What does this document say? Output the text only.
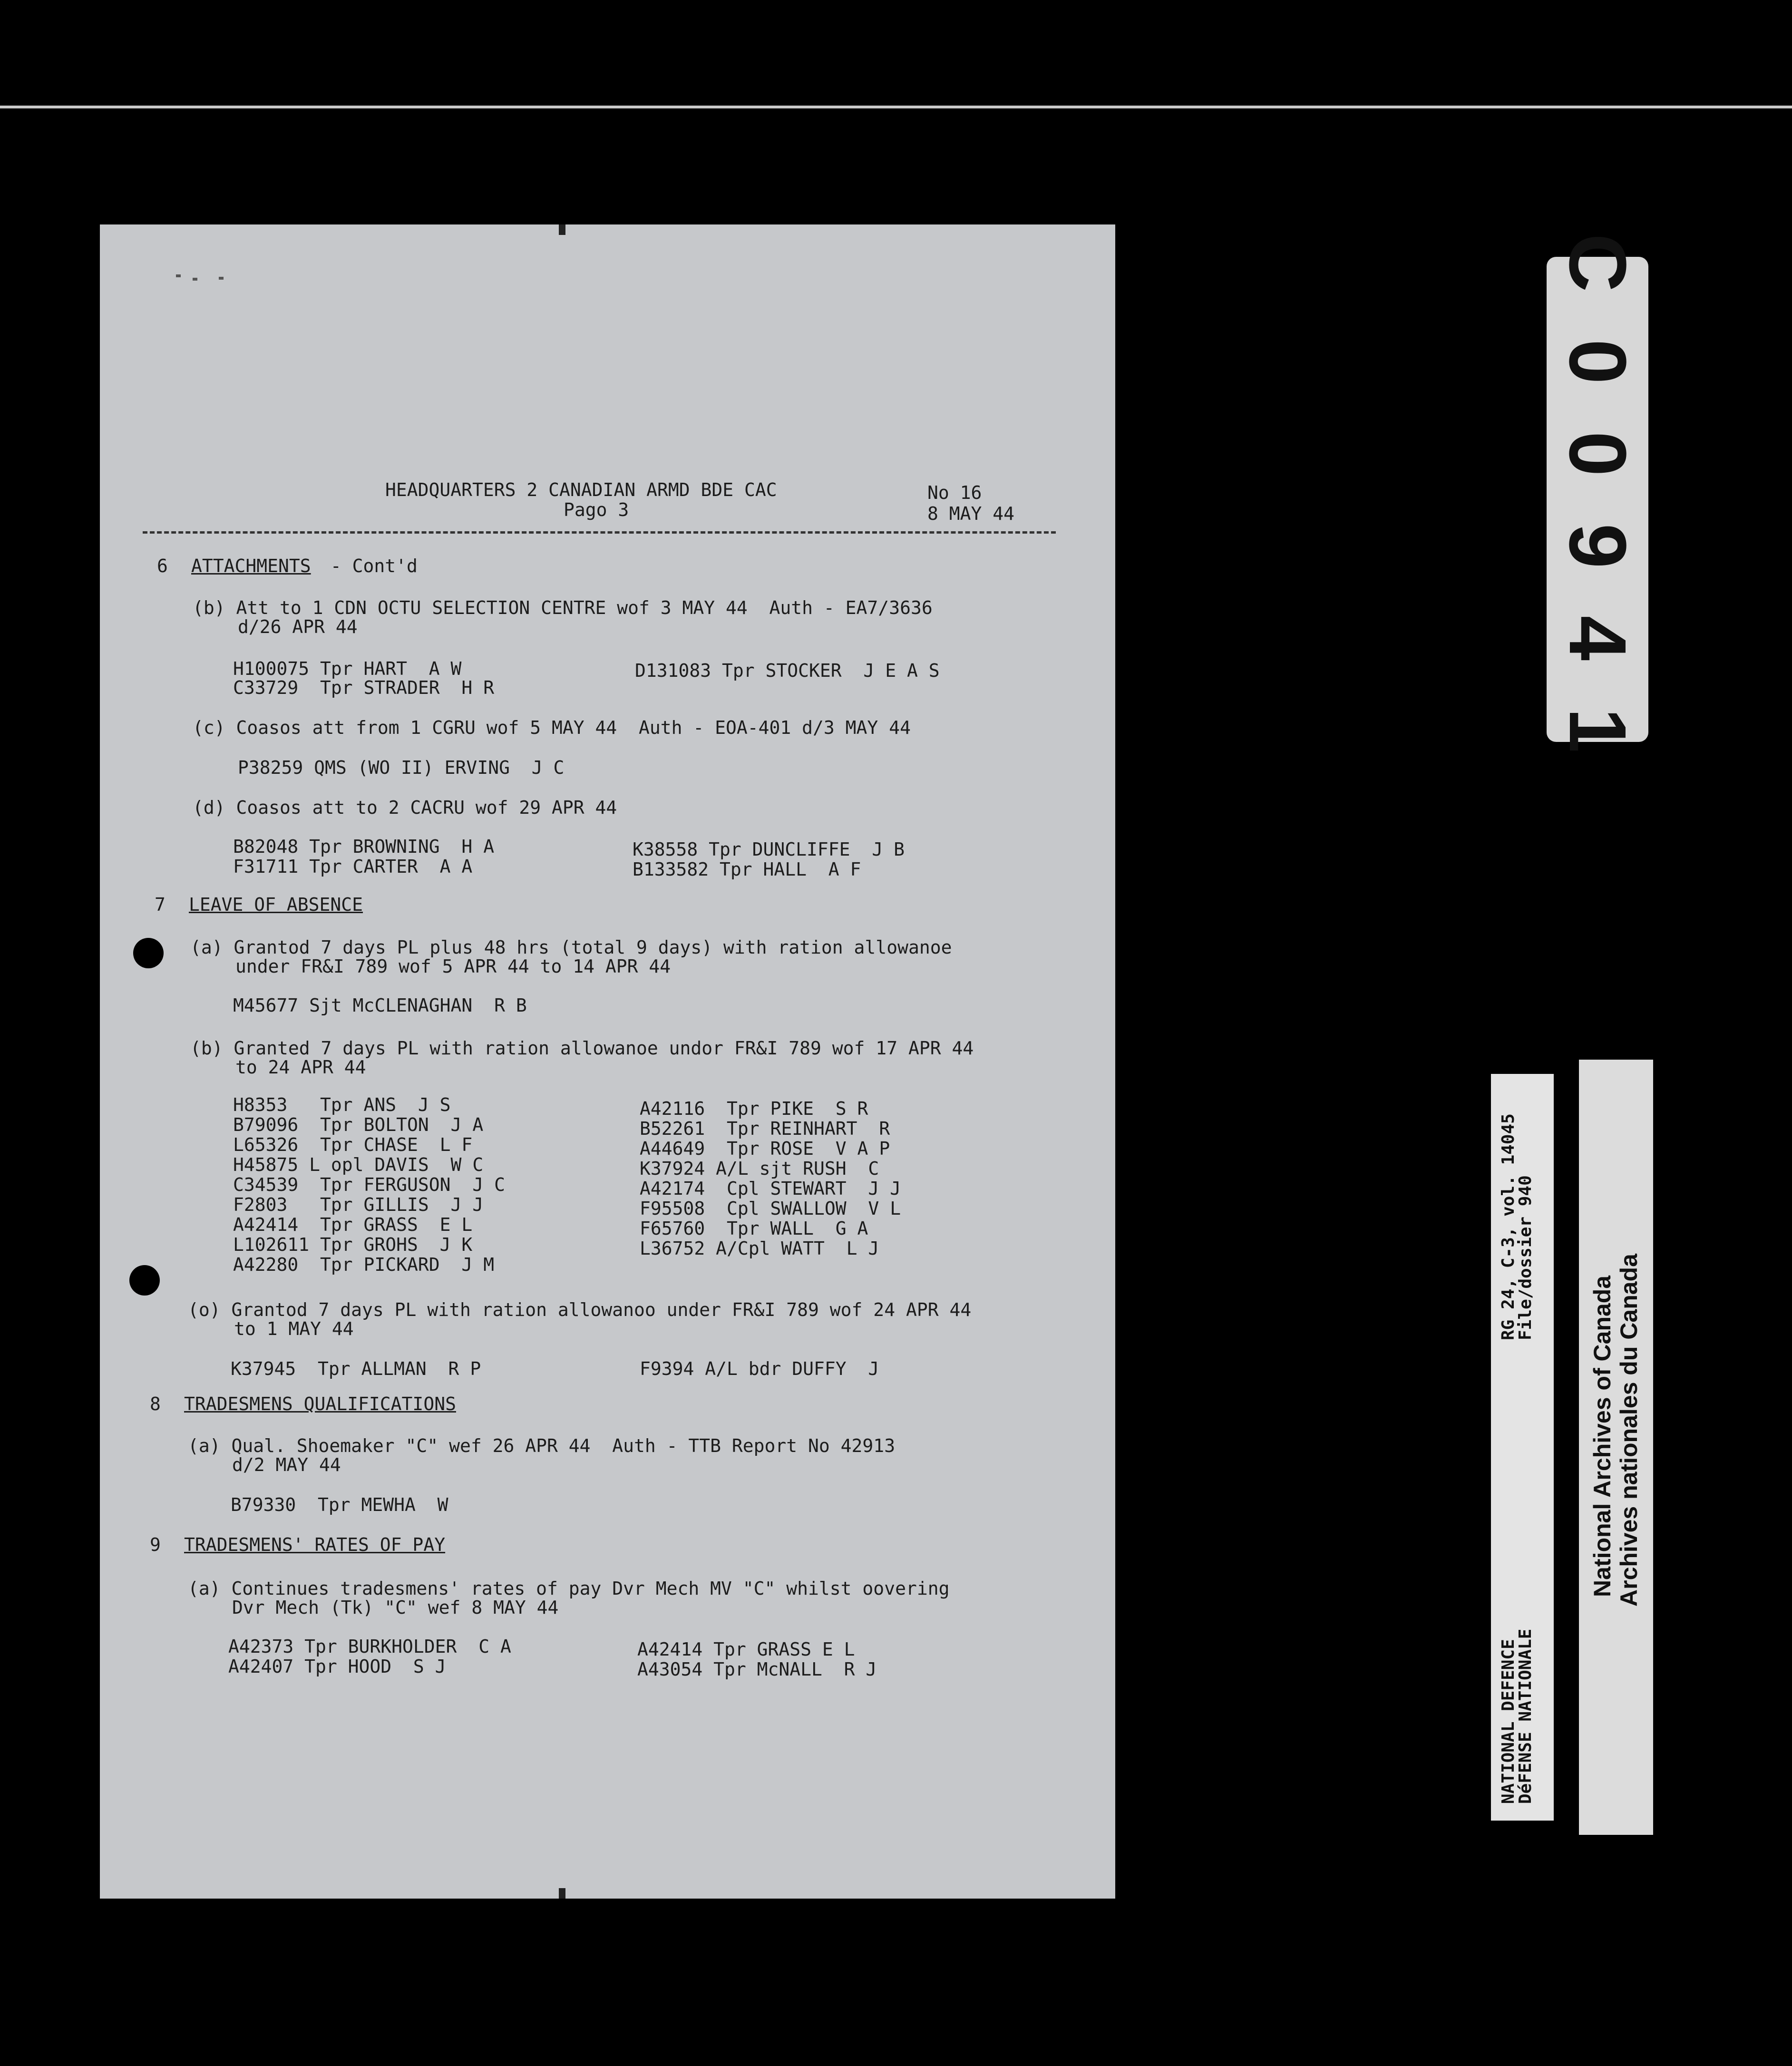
HEADQUARTERS 2 CANADIAN ARMD BDE CAC
Pago 3
No 16
8 MAY 44
6 ATTACHMENTS - Cont'd
(b) Att to 1 CDN OCTU SELECTION CENTRE wof 3 MAY 44  Auth - EA7/3636
d/26 APR 44
H100075 Tpr HART  A W
C33729  Tpr STRADER  H R
D131083 Tpr STOCKER  J E A S
(c) Coasos att from 1 CGRU wof 5 MAY 44  Auth - EOA-401 d/3 MAY 44
P38259 QMS (WO II) ERVING  J C
(d) Coasos att to 2 CACRU wof 29 APR 44
B82048 Tpr BROWNING  H A
F31711 Tpr CARTER  A A
K38558 Tpr DUNCLIFFE  J B
B133582 Tpr HALL  A F
7 LEAVE OF ABSENCE
(a) Grantod 7 days PL plus 48 hrs (total 9 days) with ration allowanoe
under FR&I 789 wof 5 APR 44 to 14 APR 44
M45677 Sjt McCLENAGHAN  R B
(b) Granted 7 days PL with ration allowanoe undor FR&I 789 wof 17 APR 44
to 24 APR 44
H8353   Tpr ANS  J S
B79096  Tpr BOLTON  J A
L65326  Tpr CHASE  L F
H45875 L opl DAVIS  W C
C34539  Tpr FERGUSON  J C
F2803   Tpr GILLIS  J J
A42414  Tpr GRASS  E L
L102611 Tpr GROHS  J K
A42280  Tpr PICKARD  J M
A42116  Tpr PIKE  S R
B52261  Tpr REINHART  R
A44649  Tpr ROSE  V A P
K37924 A/L sjt RUSH  C
A42174  Cpl STEWART  J J
F95508  Cpl SWALLOW  V L
F65760  Tpr WALL  G A
L36752 A/Cpl WATT  L J
(o) Grantod 7 days PL with ration allowanoo under FR&I 789 wof 24 APR 44
to 1 MAY 44
K37945  Tpr ALLMAN  R P	F9394 A/L bdr DUFFY  J
8 TRADESMENS QUALIFICATIONS
(a) Qual. Shoemaker "C" wef 26 APR 44  Auth - TTB Report No 42913
d/2 MAY 44
B79330  Tpr MEWHA  W
9 TRADESMENS' RATES OF PAY
(a) Continues tradesmens' rates of pay Dvr Mech MV "C" whilst oovering
Dvr Mech (Tk) "C" wef 8 MAY 44
A42373 Tpr BURKHOLDER  C A
A42407 Tpr HOOD  S J
A42414 Tpr GRASS E L
A43054 Tpr McNALL  R J
C 0 0 9 4 1
NATIONAL DEFENCE
DéFENSE NATIONALE
RG 24, C-3, vol. 14045
File/dossier 940
National Archives of Canada Archives nationales du Canada
